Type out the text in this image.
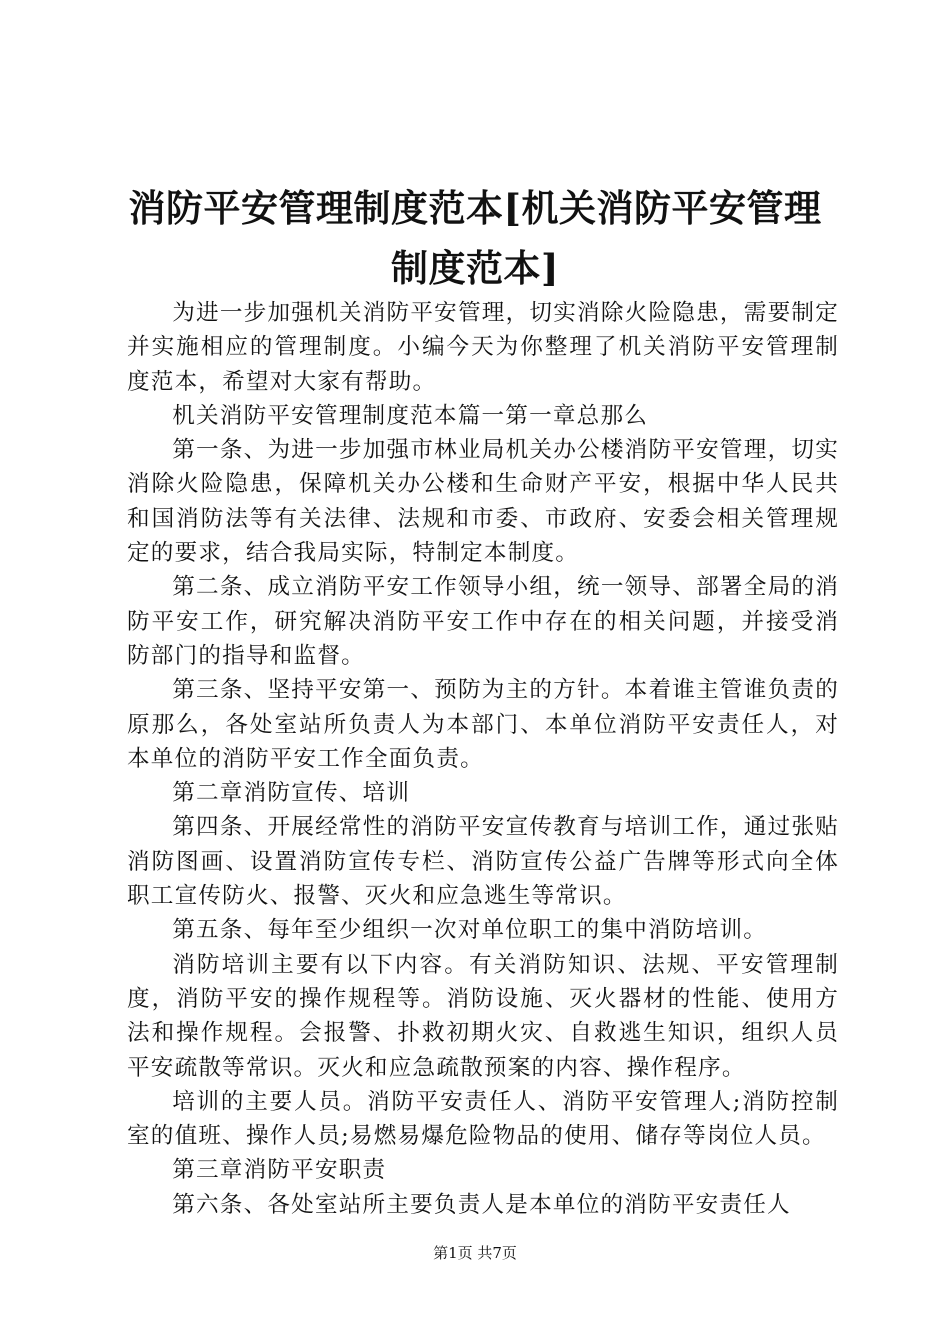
消防平安管理制度范本[机关消防平安管理制度范本]

为进一步加强机关消防平安管理，切实消除火险隐患，需要制定并实施相应的管理制度。小编今天为你整理了机关消防平安管理制度范本，希望对大家有帮助。

机关消防平安管理制度范本篇一第一章总那么

第一条、为进一步加强市林业局机关办公楼消防平安管理，切实消除火险隐患，保障机关办公楼和生命财产平安，根据中华人民共和国消防法等有关法律、法规和市委、市政府、安委会相关管理规定的要求，结合我局实际，特制定本制度。

第二条、成立消防平安工作领导小组，统一领导、部署全局的消防平安工作，研究解决消防平安工作中存在的相关问题，并接受消防部门的指导和监督。

第三条、坚持平安第一、预防为主的方针。本着谁主管谁负责的原那么，各处室站所负责人为本部门、本单位消防平安责任人，对本单位的消防平安工作全面负责。

第二章消防宣传、培训

第四条、开展经常性的消防平安宣传教育与培训工作，通过张贴消防图画、设置消防宣传专栏、消防宣传公益广告牌等形式向全体职工宣传防火、报警、灭火和应急逃生等常识。

第五条、每年至少组织一次对单位职工的集中消防培训。

消防培训主要有以下内容。有关消防知识、法规、平安管理制度，消防平安的操作规程等。消防设施、灭火器材的性能、使用方法和操作规程。会报警、扑救初期火灾、自救逃生知识，组织人员平安疏散等常识。灭火和应急疏散预案的内容、操作程序。

培训的主要人员。消防平安责任人、消防平安管理人;消防控制室的值班、操作人员;易燃易爆危险物品的使用、储存等岗位人员。

第三章消防平安职责

第六条、各处室站所主要负责人是本单位的消防平安责任人

第1页 共7页
